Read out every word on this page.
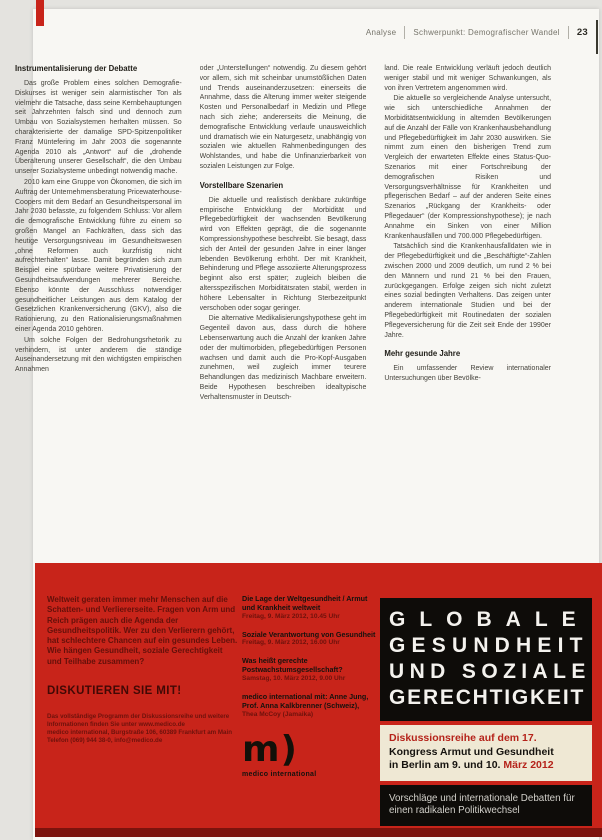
Analyse Schwerpunkt: Demografischer Wandel 23
Instrumentalisierung der Debatte

Das große Problem eines solchen Demografie-Diskurses ist weniger sein alarmistischer Ton als vielmehr die Tatsache, dass seine Kernbehauptungen seit Jahrzehnten falsch sind und dennoch zum Umbau von Sozialsystemen herhalten müssen. So charakterisierte der damalige SPD-Spitzenpolitiker Franz Müntefering im Jahr 2003 die sogenannte Agenda 2010 als „Antwort“ auf die „drohende Überalterung unserer Gesellschaft“, die den Umbau unserer Sozialsysteme unbedingt notwendig mache.

2010 kam eine Gruppe von Ökonomen, die sich im Auftrag der Unternehmensberatung Pricewaterhouse-Coopers mit dem Bedarf an Gesundheitspersonal im Jahr 2030 befasste, zu folgendem Schluss: Vor allem die demografische Entwicklung führe zu einem so großen Mangel an Fachkräften, dass sich das heutige Versorgungsniveau im Gesundheitswesen „ohne Reformen auch kurzfristig nicht aufrechterhalten“ lasse. Damit begründen sich zum Beispiel eine spürbare weitere Privatisierung der Gesundheitsaufwendungen mehrerer Bereiche. Ebenso könnte der Ausschluss notwendiger gesundheitlicher Leistungen aus dem Katalog der Gesetzlichen Krankenversicherung (GKV), also die Rationierung, zu den Rationalisierungsmaßnahmen einer Agenda 2010 gehören.

Um solche Folgen der Bedrohungsrhetorik zu verhindern, ist unter anderem die ständige Auseinandersetzung mit den wichtigsten empirischen Annahmen

oder „Unterstellungen“ notwendig. Zu diesem gehört vor allem, sich mit scheinbar unumstößlichen Daten und Trends auseinanderzusetzen: einerseits die Annahme, dass die Alterung immer weiter steigende Kosten und Personalbedarf in Medizin und Pflege nach sich ziehe; andererseits die Meinung, die demografische Entwicklung verlaufe unausweichlich und dramatisch wie ein Naturgesetz, unabhängig von sozialen wie aktuellen Rahmenbedingungen des Wohlstandes, und habe die Unfinanzierbarkeit von sozialen Leistungen zur Folge.

Vorstellbare Szenarien

Die aktuelle und realistisch denkbare zukünftige empirische Entwicklung der Morbidität und Pflegebedürftigkeit der wachsenden Bevölkerung wird von Effekten geprägt, die die sogenannte Kompressionshypothese beschreibt. Sie besagt, dass sich der Anteil der gesunden Jahre in einer länger lebenden Bevölkerung erhöht. Der mit Krankheit, Behinderung und Pflege assoziierte Alterungsprozess beginnt also erst später; zugleich bleiben die altersspezifischen Morbiditätsraten stabil, werden in höhere Lebensalter in Richtung Sterbezeitpunkt verschoben oder sogar geringer.

Die alternative Medikalisierungshypothese geht im Gegenteil davon aus, dass durch die höhere Lebenserwartung auch die Anzahl der kranken Jahre oder der multimorbiden, pflegebedürftigen Personen wachsen und damit auch die Pro-Kopf-Ausgaben zunehmen, weil zugleich immer teurere Behandlungen das medizinisch Machbare erweitern. Beide Hypothesen beschreiben idealtypische Verhaltensmuster in Deutsch-

land. Die reale Entwicklung verläuft jedoch deutlich weniger stabil und mit weniger Schwankungen, als von ihren Vertretern angenommen wird.

Die aktuelle so vergleichende Analyse untersucht, wie sich unterschiedliche Annahmen der Morbiditätsentwicklung in alternden Bevölkerungen auf die Anzahl der Fälle von Krankenhausbehandlung und Pflegebedürftigkeit im Jahr 2030 auswirken. Sie nimmt zum einen den bisherigen Trend zum Vergleich der erwarteten Effekte eines Status-Quo-Szenarios mit einer Fortschreibung der demografischen Risiken und Versorgungsverhältnisse für Krankheiten und pflegerischen Bedarf – auf der anderen Seite eines Szenarios „Rückgang der Krankheits- oder Pflegedauer“ (der Kompressionshypothese); je nach Annahme ein Sinken von einer Million Krankenhausfällen und 700.000 Pflegebedürftigen.

Tatsächlich sind die Krankenhausfalldaten wie in der Pflegebedürftigkeit und die „Beschäftigte“-Zahlen zwischen 2000 und 2009 deutlich, um rund 2 % bei den Männern und rund 21 % bei den Frauen, zurückgegangen. Erfolge zeigen sich nicht zuletzt eines sozial bedingten Verhaltens. Das zeigen unter anderem internationale Studien und bei der Pflegebedürftigkeit mit Routinedaten der sozialen Pflegeversicherung für die Zeit seit Ende der 1990er Jahre.

Mehr gesunde Jahre

Ein umfassender Review internationaler Untersuchungen über Bevölke-

Weltweit geraten immer mehr Menschen auf die Schatten- und Verliererseite. Fragen von Arm und Reich prägen auch die Agenda der Gesundheitspolitik. Wer zu den Verlierern gehört, hat schlechtere Chancen auf ein gesundes Leben. Wie hängen Gesundheit, soziale Gerechtigkeit und Teilhabe zusammen?
DISKUTIEREN SIE MIT!
Das vollständige Programm der Diskussionsreihe und weitere Informationen finden Sie unter www.medico.de
medico international, Burgstraße 106, 60389 Frankfurt am Main
Telefon (069) 944 38-0, info@medico.de
Die Lage der Weltgesundheit / Armut und Krankheit weltweit
Freitag, 9. März 2012, 10.45 Uhr
Soziale Verantwortung von Gesundheit
Freitag, 9. März 2012, 16.00 Uhr
Was heißt gerechte Postwachstumsgesellschaft?
Samstag, 10. März 2012, 9.00 Uhr
medico international mit: Anne Jung, Prof. Anna Kalkbrenner (Schweiz),
Thea McCoy (Jamaika)
m)
medico international
GLOBALE
GESUNDHEIT
UND SOZIALE
GERECHTIGKEIT
Diskussionsreihe auf dem 17.
Kongress Armut und Gesundheit
in Berlin am 9. und 10. März 2012
Vorschläge und internationale Debatten für einen radikalen Politikwechsel
